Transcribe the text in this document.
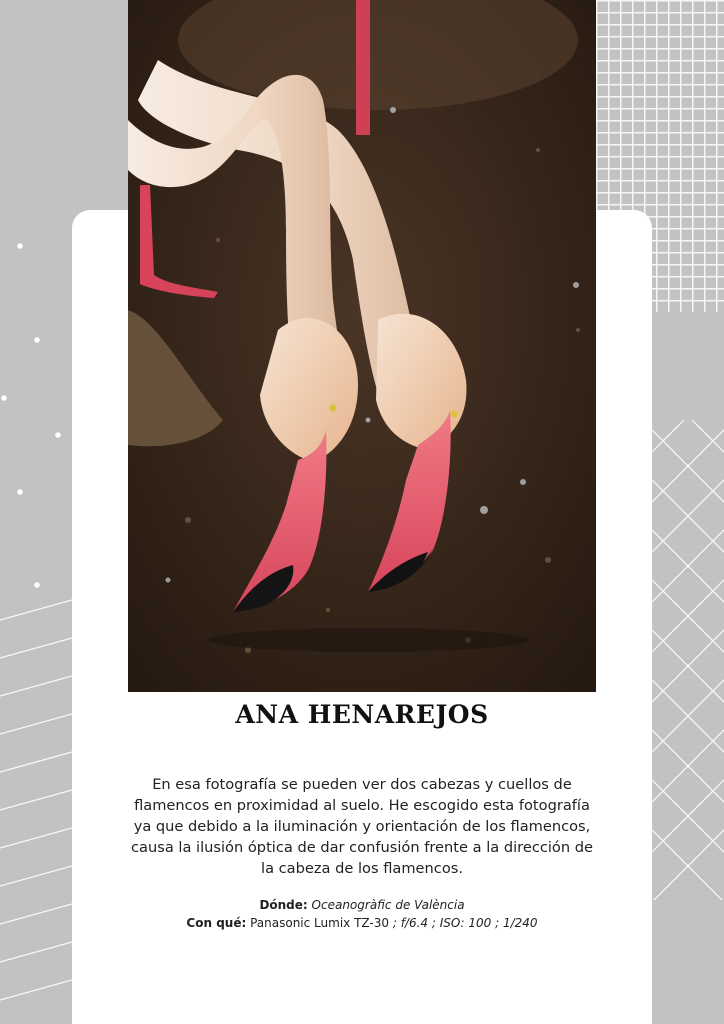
ANA HENAREJOS

En esa fotografía se pueden ver dos cabezas y cuellos de flamencos en proximidad al suelo. He escogido esta fotografía ya que debido a la iluminación y orientación de los flamencos, causa la ilusión óptica de dar confusión frente a la dirección de la cabeza de los flamencos.

Dónde: Oceanogràfic de València
Con qué: Panasonic Lumix TZ-30 ; f/6.4 ; ISO: 100 ; 1/240
